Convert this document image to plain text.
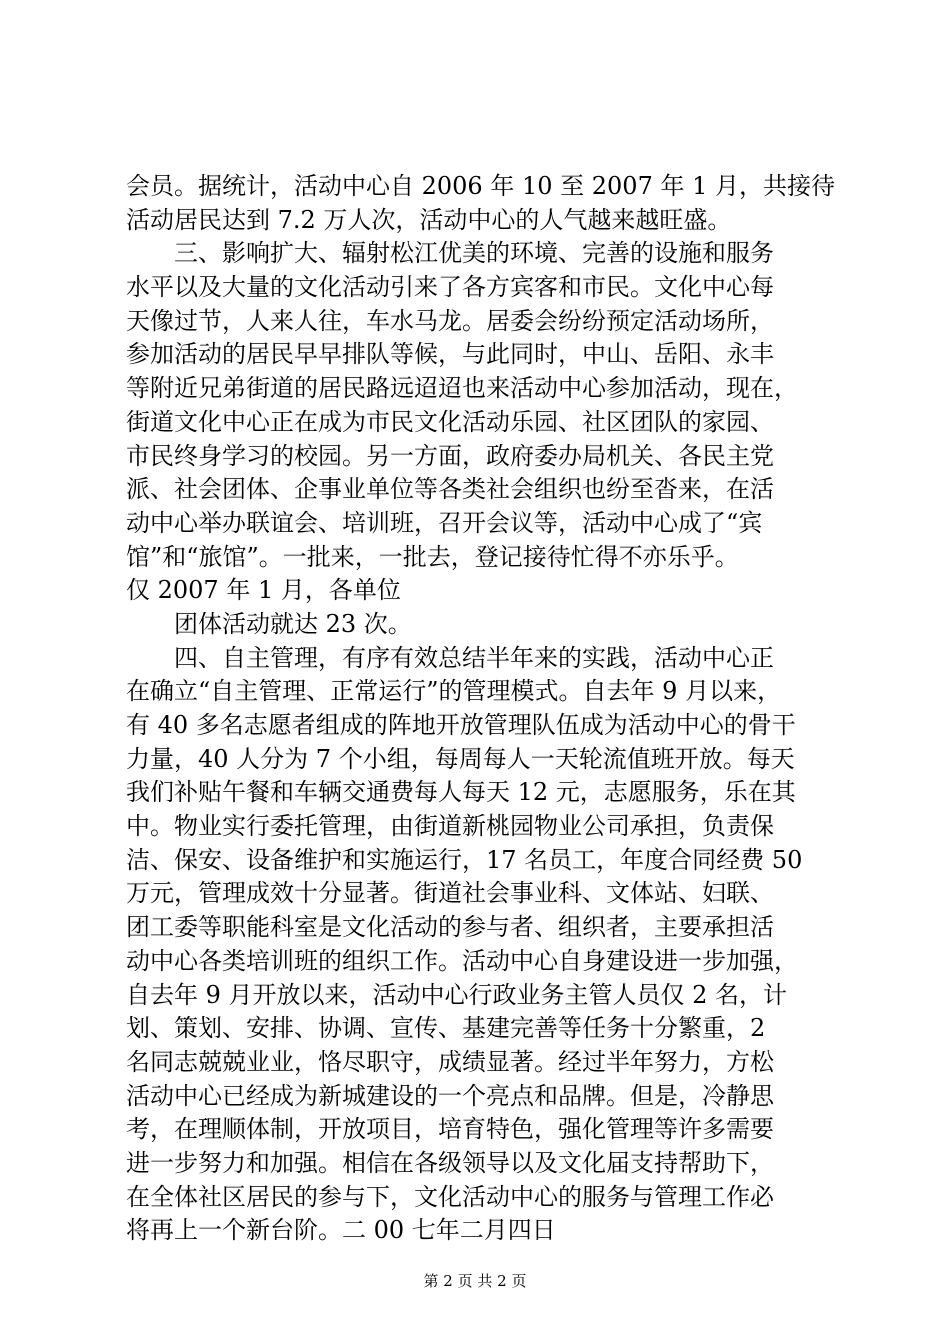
会员。据统计，活动中心自 2006 年 10 至 2007 年 1 月，共接待
活动居民达到 7.2 万人次，活动中心的人气越来越旺盛。
三、影响扩大、辐射松江优美的环境、完善的设施和服务
水平以及大量的文化活动引来了各方宾客和市民。文化中心每
天像过节，人来人往，车水马龙。居委会纷纷预定活动场所，
参加活动的居民早早排队等候，与此同时，中山、岳阳、永丰
等附近兄弟街道的居民路远迢迢也来活动中心参加活动，现在，
街道文化中心正在成为市民文化活动乐园、社区团队的家园、
市民终身学习的校园。另一方面，政府委办局机关、各民主党
派、社会团体、企事业单位等各类社会组织也纷至沓来，在活
动中心举办联谊会、培训班，召开会议等，活动中心成了“宾
馆”和“旅馆”。一批来，一批去，登记接待忙得不亦乐乎。
仅 2007 年 1 月，各单位
团体活动就达 23 次。
四、自主管理，有序有效总结半年来的实践，活动中心正
在确立“自主管理、正常运行”的管理模式。自去年 9 月以来，
有 40 多名志愿者组成的阵地开放管理队伍成为活动中心的骨干
力量，40 人分为 7 个小组，每周每人一天轮流值班开放。每天
我们补贴午餐和车辆交通费每人每天 12 元，志愿服务，乐在其
中。物业实行委托管理，由街道新桃园物业公司承担，负责保
洁、保安、设备维护和实施运行，17 名员工，年度合同经费 50
万元，管理成效十分显著。街道社会事业科、文体站、妇联、
团工委等职能科室是文化活动的参与者、组织者，主要承担活
动中心各类培训班的组织工作。活动中心自身建设进一步加强，
自去年 9 月开放以来，活动中心行政业务主管人员仅 2 名，计
划、策划、安排、协调、宣传、基建完善等任务十分繁重，2
名同志兢兢业业，恪尽职守，成绩显著。经过半年努力，方松
活动中心已经成为新城建设的一个亮点和品牌。但是，冷静思
考，在理顺体制，开放项目，培育特色，强化管理等许多需要
进一步努力和加强。相信在各级领导以及文化届支持帮助下，
在全体社区居民的参与下，文化活动中心的服务与管理工作必
将再上一个新台阶。二 00 七年二月四日
第 2 页 共 2 页
